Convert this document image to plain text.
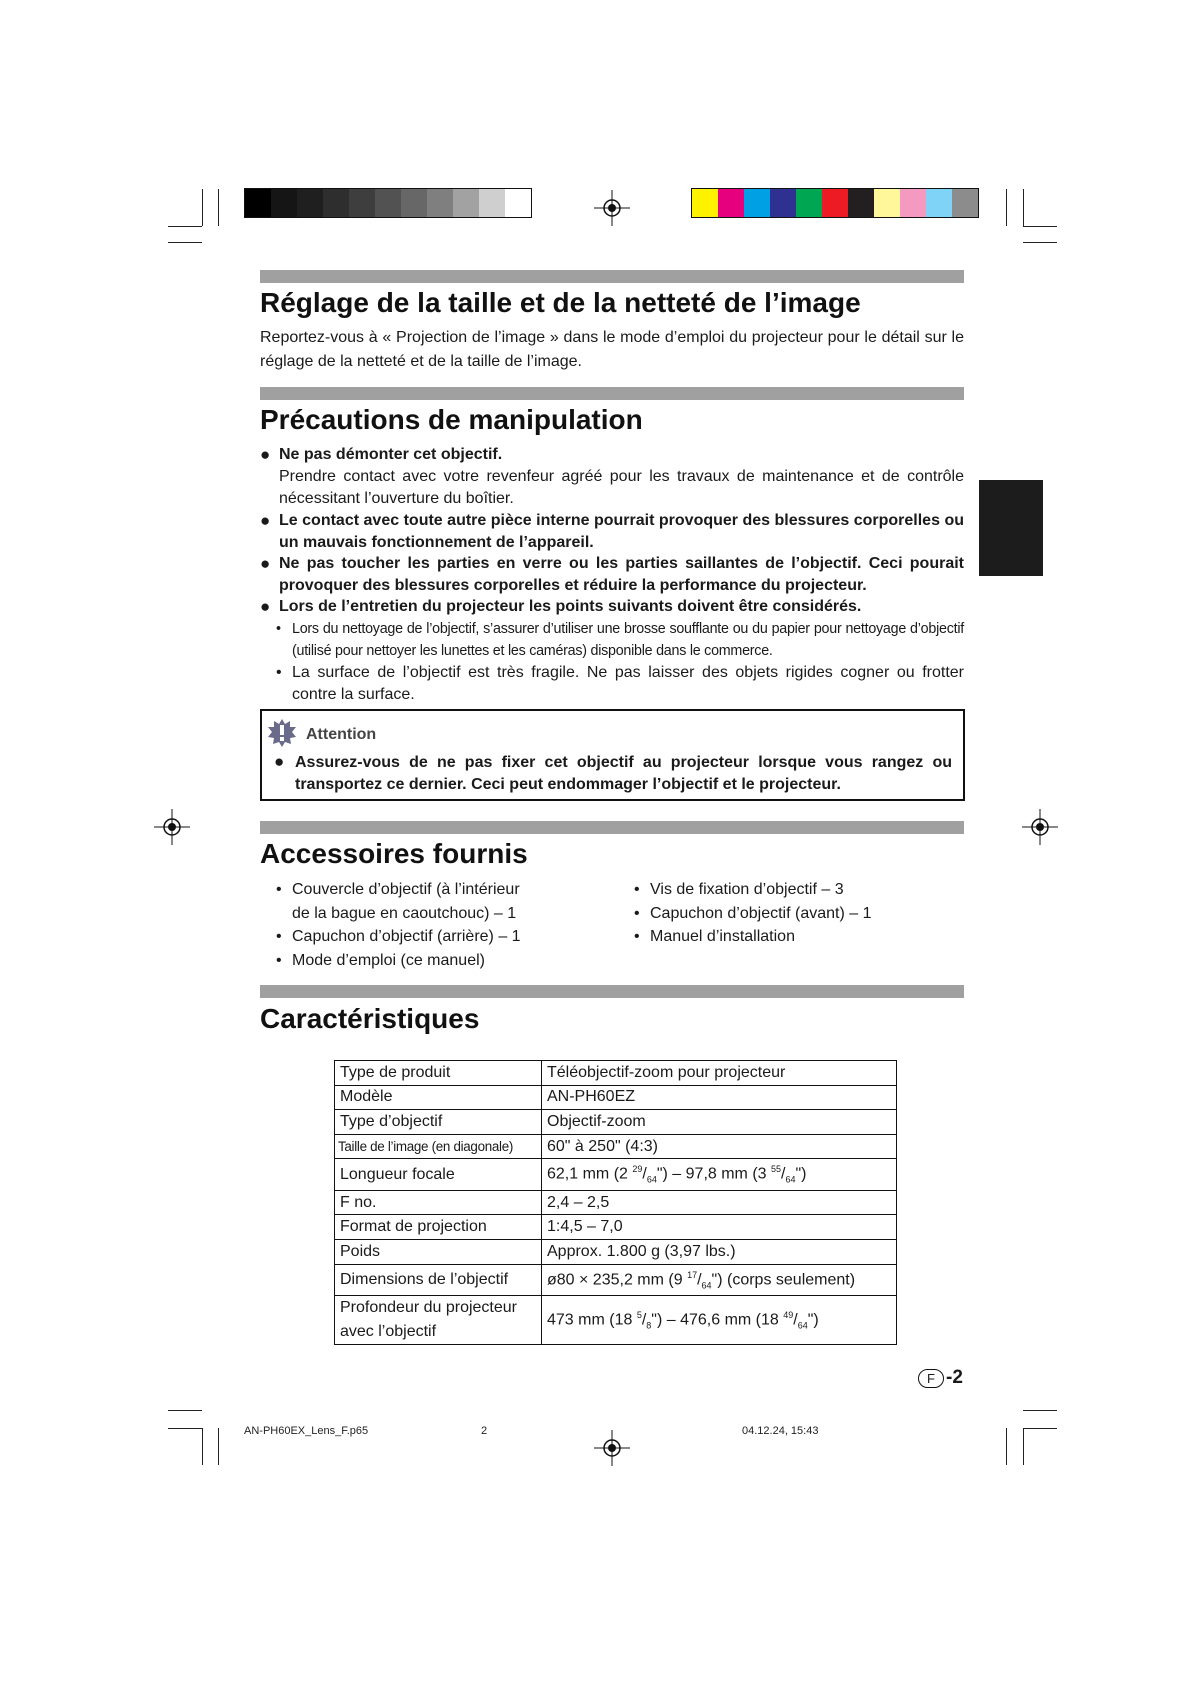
Réglage de la taille et de la netteté de l’image

Reportez-vous à « Projection de l’image » dans le mode d’emploi du projecteur pour le détail sur le réglage de la netteté et de la taille de l’image.

Précautions de manipulation
● Ne pas démonter cet objectif.
Prendre contact avec votre revenfeur agréé pour les travaux de maintenance et de contrôle nécessitant l’ouverture du boîtier.
● Le contact avec toute autre pièce interne pourrait provoquer des blessures corporelles ou un mauvais fonctionnement de l’appareil.
● Ne pas toucher les parties en verre ou les parties saillantes de l’objectif. Ceci pourait provoquer des blessures corporelles et réduire la performance du projecteur.
● Lors de l’entretien du projecteur les points suivants doivent être considérés.
• Lors du nettoyage de l’objectif, s’assurer d’utiliser une brosse soufflante ou du papier pour nettoyage d’objectif (utilisé pour nettoyer les lunettes et les caméras) disponible dans le commerce.
• La surface de l’objectif est très fragile. Ne pas laisser des objets rigides cogner ou frotter contre la surface.
Attention
● Assurez-vous de ne pas fixer cet objectif au projecteur lorsque vous rangez ou transportez ce dernier. Ceci peut endommager l’objectif et le projecteur.
Accessoires fournis
• Couvercle d’objectif (à l’intérieur
de la bague en caoutchouc) – 1
• Capuchon d’objectif (arrière) – 1
• Mode d’emploi (ce manuel)
• Vis de fixation d’objectif – 3
• Capuchon d’objectif (avant) – 1
• Manuel d’installation
Caractéristiques
Type de produit	Téléobjectif-zoom pour projecteur
Modèle	AN-PH60EZ
Type d’objectif	Objectif-zoom
Taille de l’image (en diagonale)	60" à 250" (4:3)
Longueur focale	62,1 mm (2 $^{29}/_{64}") - 97,8$ mm (3 $^{55}/_{64}$")
F no.	2,4 – 2,5
Format de projection	1:4,5 – 7,0
Poids	Approx. 1.800 g (3,97 lbs.)
Dimensions de l’objectif	ø80 × 235,2 mm (9 $^{17}/_{64}$") (corps seulement)
Profondeur du projecteur
avec l’objectif	473 mm (18 $^5/_8") - 476,6$ mm (18 $^{49}/_{64}$")
F -2
AN-PH60EX_Lens_F.p65	2	04.12.24, 15:43
